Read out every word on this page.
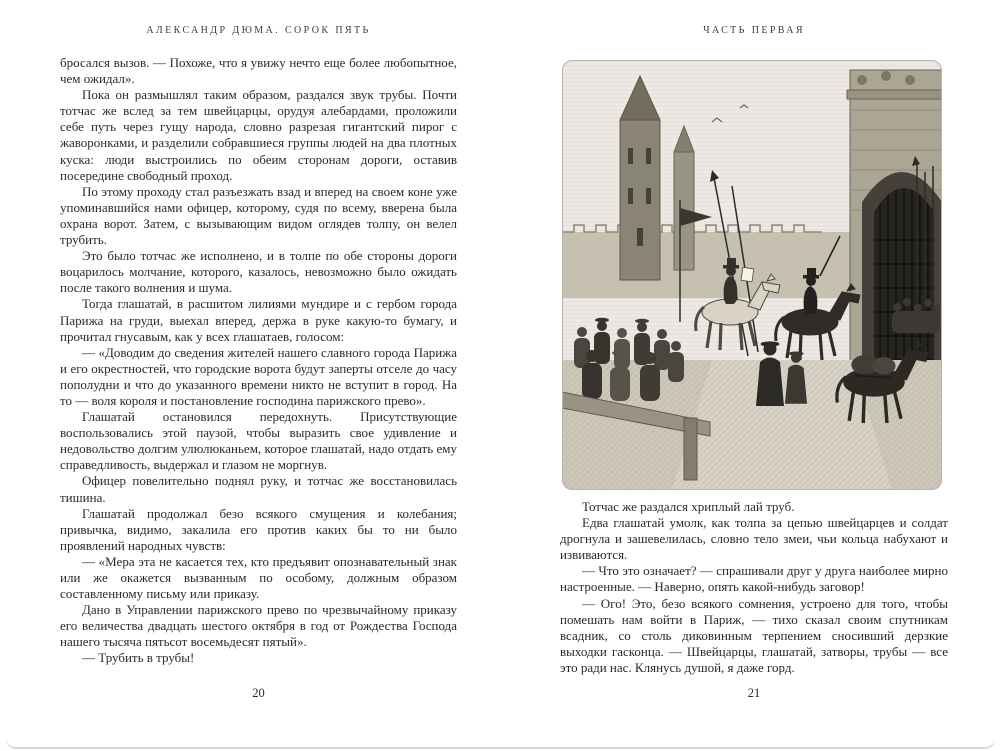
АЛЕКСАНДР ДЮМА. СОРОК ПЯТЬ

бросался вызов. — Похоже, что я увижу нечто еще более любопытное, чем ожидал».

Пока он размышлял таким образом, раздался звук трубы. Почти тотчас же вслед за тем швейцарцы, орудуя алебардами, проложили себе путь через гущу народа, словно разрезая гигантский пирог с жаворонками, и разделили собравшиеся группы людей на два плотных куска: люди выстроились по обеим сторонам дороги, оставив посередине свободный проход.

По этому проходу стал разъезжать взад и вперед на своем коне уже упоминавшийся нами офицер, которому, судя по всему, вверена была охрана ворот. Затем, с вызывающим видом оглядев толпу, он велел трубить.

Это было тотчас же исполнено, и в толпе по обе стороны дороги воцарилось молчание, которого, казалось, невозможно было ожидать после такого волнения и шума.

Тогда глашатай, в расшитом лилиями мундире и с гербом города Парижа на груди, выехал вперед, держа в руке какую-то бумагу, и прочитал гнусавым, как у всех глашатаев, голосом:

— «Доводим до сведения жителей нашего славного города Парижа и его окрестностей, что городские ворота будут заперты отселе до часу пополудни и что до указанного времени никто не вступит в город. На то — воля короля и постановление господина парижского прево».

Глашатай остановился передохнуть. Присутствующие воспользовались этой паузой, чтобы выразить свое удивление и недовольство долгим улюлюканьем, которое глашатай, надо отдать ему справедливость, выдержал и глазом не моргнув.

Офицер повелительно поднял руку, и тотчас же восстановилась тишина.

Глашатай продолжал безо всякого смущения и колебания; привычка, видимо, закалила его против каких бы то ни было проявлений народных чувств:

— «Мера эта не касается тех, кто предъявит опознавательный знак или же окажется вызванным по особому, должным образом составленному письму или приказу.

Дано в Управлении парижского прево по чрезвычайному приказу его величества двадцать шестого октября в год от Рождества Господа нашего тысяча пятьсот восемьдесят пятый».

— Трубить в трубы!

20
ЧАСТЬ ПЕРВАЯ

Тотчас же раздался хриплый лай труб.

Едва глашатай умолк, как толпа за цепью швейцарцев и солдат дрогнула и зашевелилась, словно тело змеи, чьи кольца набухают и извиваются.

— Что это означает? — спрашивали друг у друга наиболее мирно настроенные. — Наверно, опять какой-нибудь заговор!

— Ого! Это, безо всякого сомнения, устроено для того, чтобы помешать нам войти в Париж, — тихо сказал своим спутникам всадник, со столь диковинным терпением сносивший дерзкие выходки гасконца. — Швейцарцы, глашатай, затворы, трубы — все это ради нас. Клянусь душой, я даже горд.

21
